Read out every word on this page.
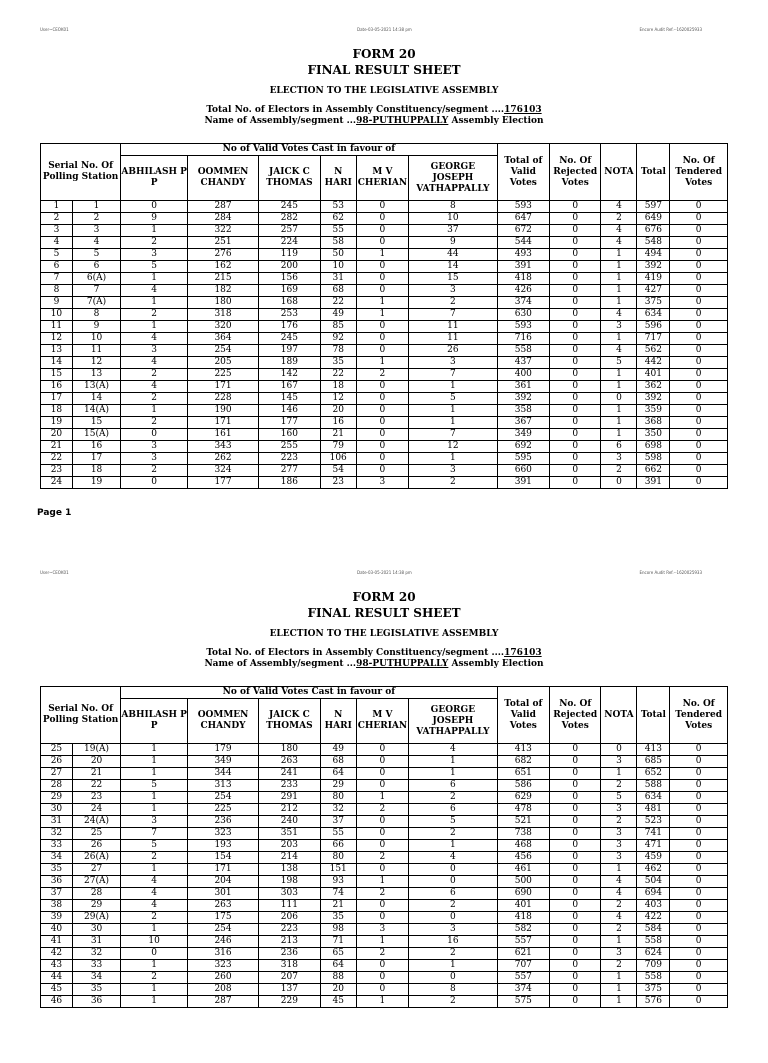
User~CEOK01	Date-03-05-2021 14:38 pm	Encore Audit Ref.--1620025933
FORM 20
FINAL RESULT SHEET
ELECTION TO THE LEGISLATIVE ASSEMBLY
Total No. of Electors in Assembly Constituency/segment ....176103
Name of Assembly/segment ...98-PUTHUPPALLY Assembly Election
Serial No. Of Polling Station		No of Valid Votes Cast in favour of						Total of Valid Votes	No. Of Rejected Votes	NOTA	Total	No. Of Tendered Votes
		ABHILASH P P	OOMMEN CHANDY	JAICK C THOMAS	N HARI	M V CHERIAN	GEORGE JOSEPH VATHAPPALLY					
1	1	0	287	245	53	0	8	593	0	4	597	0
2	2	9	284	282	62	0	10	647	0	2	649	0
3	3	1	322	257	55	0	37	672	0	4	676	0
4	4	2	251	224	58	0	9	544	0	4	548	0
5	5	3	276	119	50	1	44	493	0	1	494	0
6	6	5	162	200	10	0	14	391	0	1	392	0
7	6(A)	1	215	156	31	0	15	418	0	1	419	0
8	7	4	182	169	68	0	3	426	0	1	427	0
9	7(A)	1	180	168	22	1	2	374	0	1	375	0
10	8	2	318	253	49	1	7	630	0	4	634	0
11	9	1	320	176	85	0	11	593	0	3	596	0
12	10	4	364	245	92	0	11	716	0	1	717	0
13	11	3	254	197	78	0	26	558	0	4	562	0
14	12	4	205	189	35	1	3	437	0	5	442	0
15	13	2	225	142	22	2	7	400	0	1	401	0
16	13(A)	4	171	167	18	0	1	361	0	1	362	0
17	14	2	228	145	12	0	5	392	0	0	392	0
18	14(A)	1	190	146	20	0	1	358	0	1	359	0
19	15	2	171	177	16	0	1	367	0	1	368	0
20	15(A)	0	161	160	21	0	7	349	0	1	350	0
21	16	3	343	255	79	0	12	692	0	6	698	0
22	17	3	262	223	106	0	1	595	0	3	598	0
23	18	2	324	277	54	0	3	660	0	2	662	0
24	19	0	177	186	23	3	2	391	0	0	391	0
Page 1
User~CEOK01	Date-03-05-2021 14:38 pm	Encore Audit Ref.--1620025933
FORM 20
FINAL RESULT SHEET
ELECTION TO THE LEGISLATIVE ASSEMBLY
Total No. of Electors in Assembly Constituency/segment ....176103
Name of Assembly/segment ...98-PUTHUPPALLY Assembly Election
Serial No. Of Polling Station		No of Valid Votes Cast in favour of						Total of Valid Votes	No. Of Rejected Votes	NOTA	Total	No. Of Tendered Votes
		ABHILASH P P	OOMMEN CHANDY	JAICK C THOMAS	N HARI	M V CHERIAN	GEORGE JOSEPH VATHAPPALLY					
25	19(A)	1	179	180	49	0	4	413	0	0	413	0
26	20	1	349	263	68	0	1	682	0	3	685	0
27	21	1	344	241	64	0	1	651	0	1	652	0
28	22	5	313	233	29	0	6	586	0	2	588	0
29	23	1	254	291	80	1	2	629	0	5	634	0
30	24	1	225	212	32	2	6	478	0	3	481	0
31	24(A)	3	236	240	37	0	5	521	0	2	523	0
32	25	7	323	351	55	0	2	738	0	3	741	0
33	26	5	193	203	66	0	1	468	0	3	471	0
34	26(A)	2	154	214	80	2	4	456	0	3	459	0
35	27	1	171	138	151	0	0	461	0	1	462	0
36	27(A)	4	204	198	93	1	0	500	0	4	504	0
37	28	4	301	303	74	2	6	690	0	4	694	0
38	29	4	263	111	21	0	2	401	0	2	403	0
39	29(A)	2	175	206	35	0	0	418	0	4	422	0
40	30	1	254	223	98	3	3	582	0	2	584	0
41	31	10	246	213	71	1	16	557	0	1	558	0
42	32	0	316	236	65	2	2	621	0	3	624	0
43	33	1	323	318	64	0	1	707	0	2	709	0
44	34	2	260	207	88	0	0	557	0	1	558	0
45	35	1	208	137	20	0	8	374	0	1	375	0
46	36	1	287	229	45	1	2	575	0	1	576	0
